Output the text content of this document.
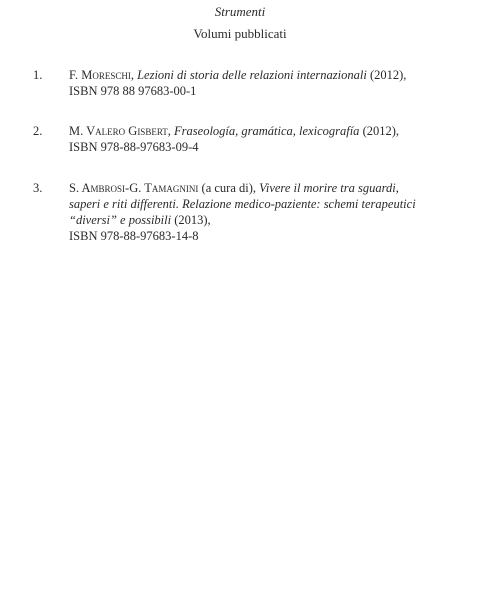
Strumenti
Volumi pubblicati
1.	F. Moreschi, Lezioni di storia delle relazioni internazionali (2012),
ISBN 978 88 97683-00-1
2.	M. Valero Gisbert, Fraseología, gramática, lexicografía (2012),
ISBN 978-88-97683-09-4
3.	S. Ambrosi-G. Tamagnini (a cura di), Vivere il morire tra sguardi,
saperi e riti differenti. Relazione medico-paziente: schemi terapeutici
“diversi” e possibili (2013),
ISBN 978-88-97683-14-8
